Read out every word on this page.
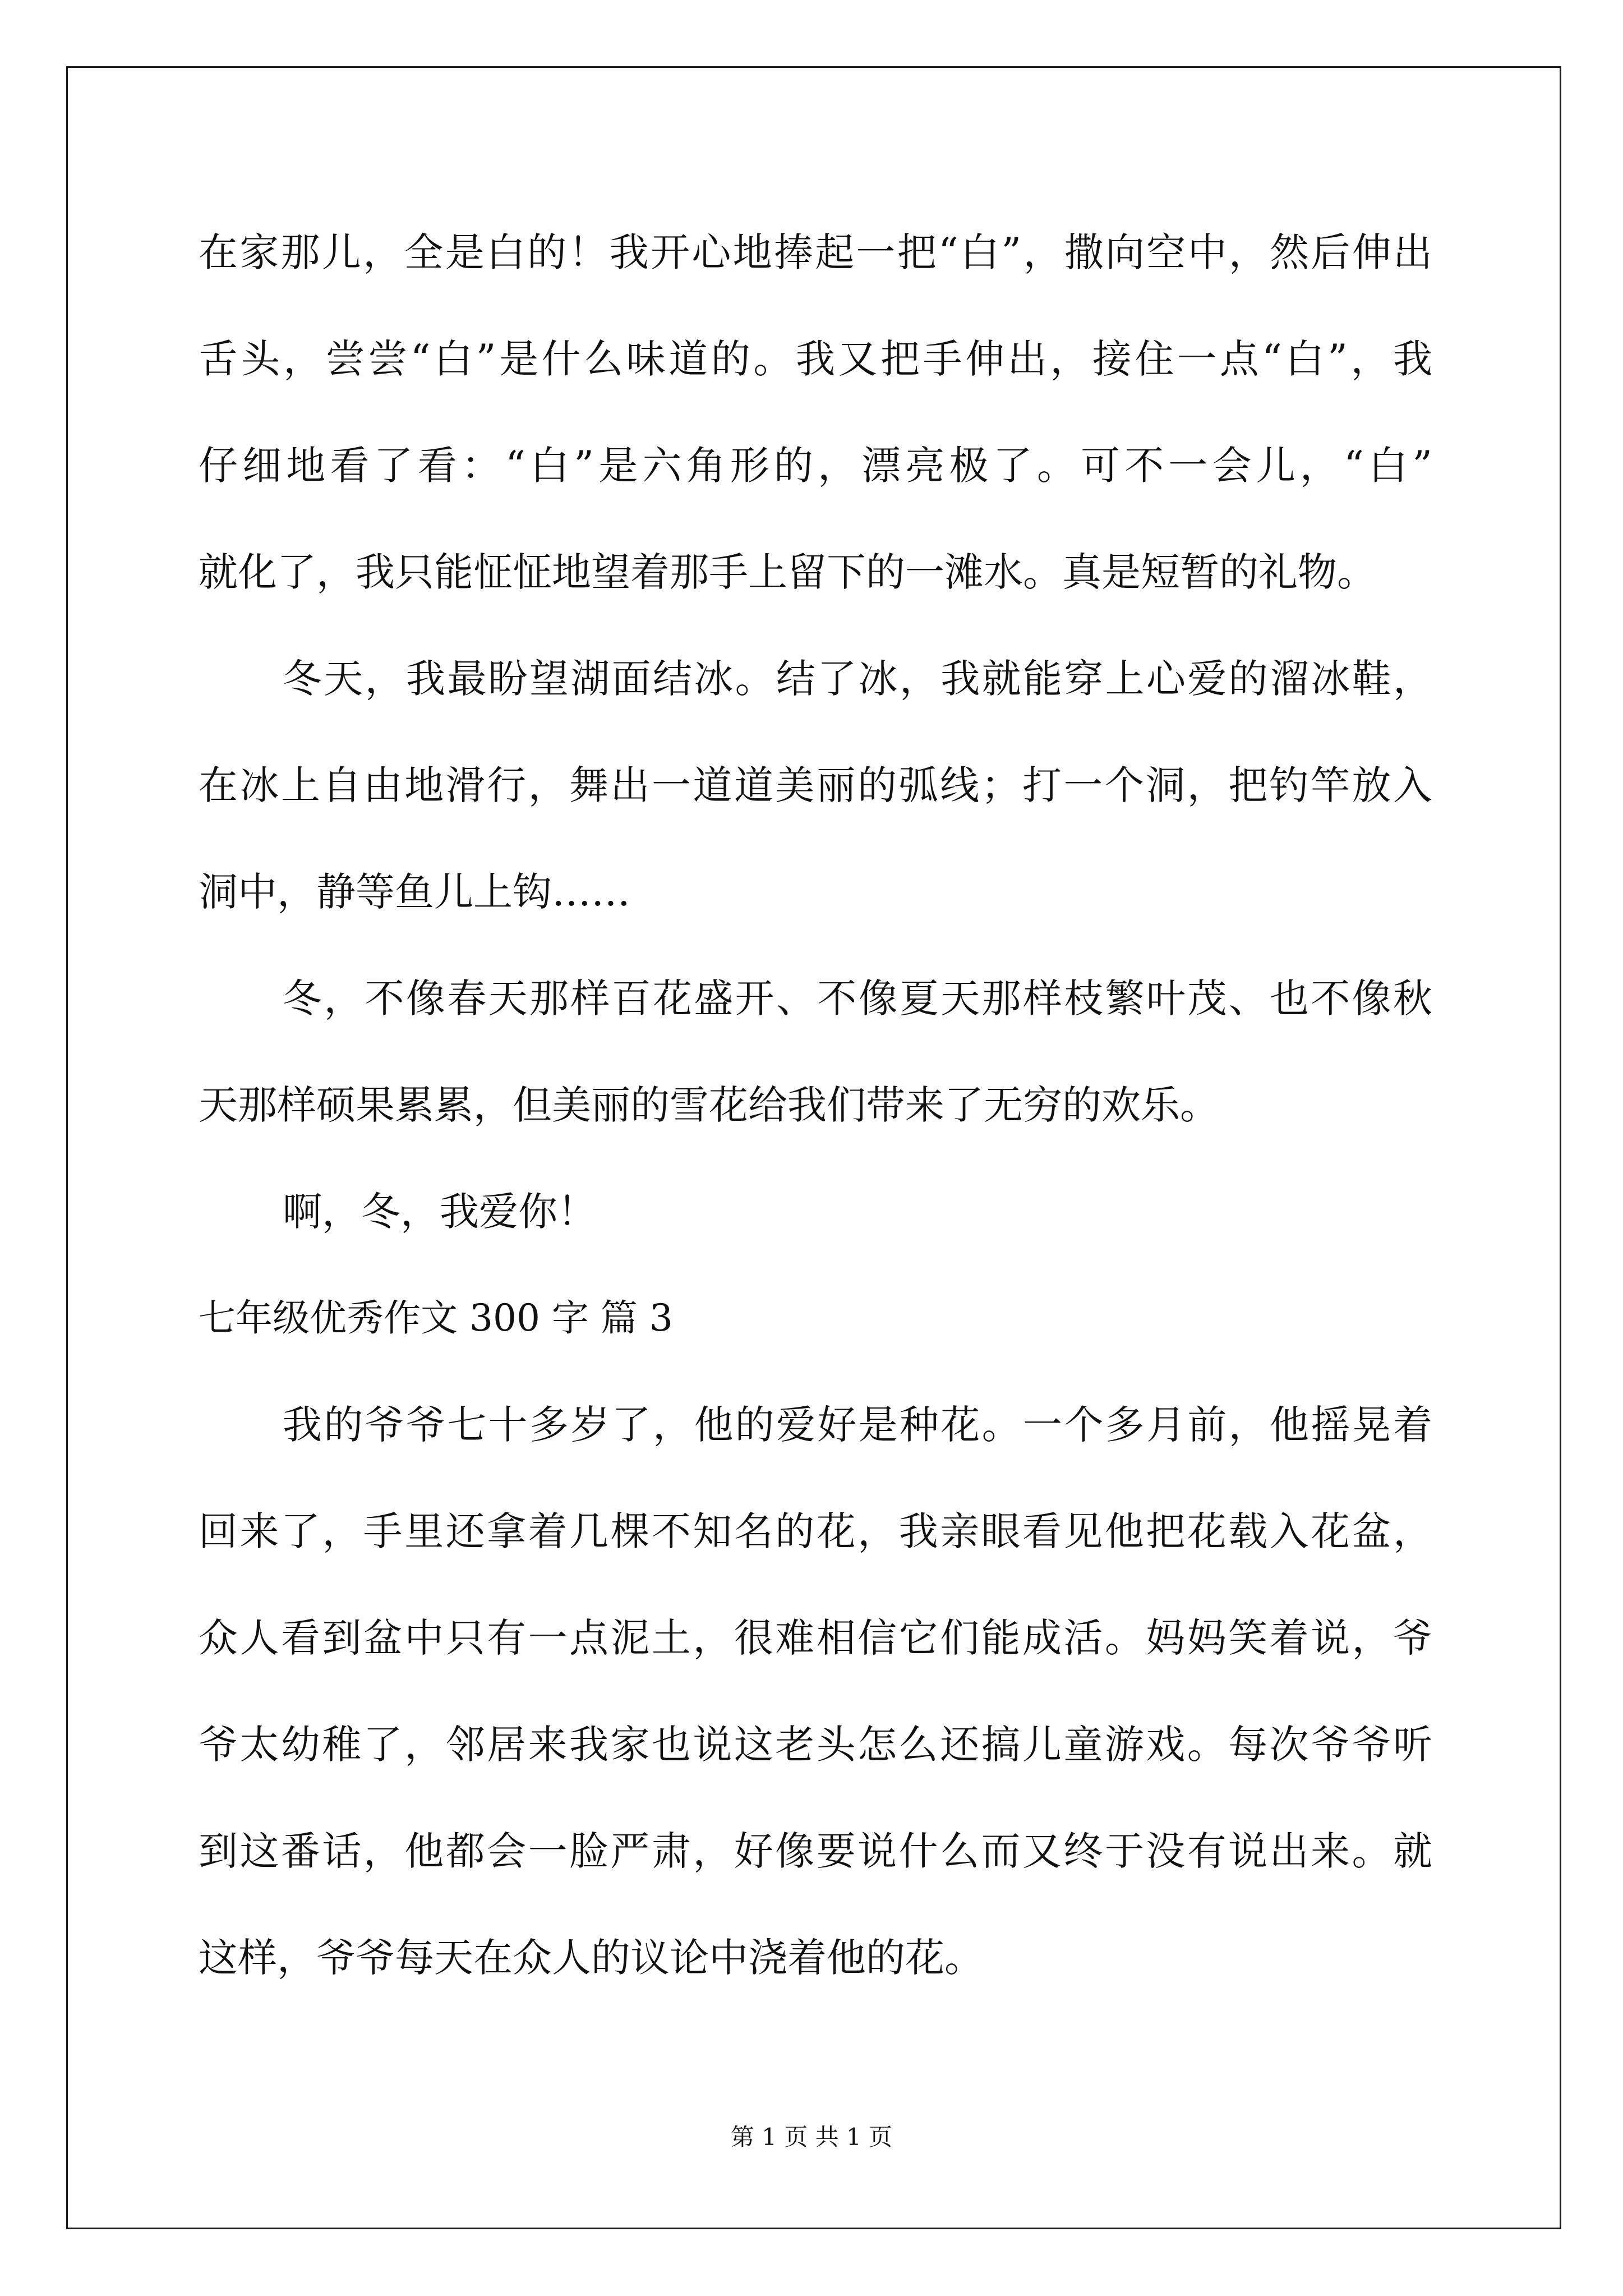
在家那儿，全是白的！我开心地捧起一把“白”，撒向空中，然后伸出
舌头，尝尝“白”是什么味道的。我又把手伸出，接住一点“白”，我
仔细地看了看：“白”是六角形的，漂亮极了。可不一会儿，“白”
就化了，我只能怔怔地望着那手上留下的一滩水。真是短暂的礼物。
冬天，我最盼望湖面结冰。结了冰，我就能穿上心爱的溜冰鞋，
在冰上自由地滑行，舞出一道道美丽的弧线；打一个洞，把钓竿放入
洞中，静等鱼儿上钩……
冬，不像春天那样百花盛开、不像夏天那样枝繁叶茂、也不像秋
天那样硕果累累，但美丽的雪花给我们带来了无穷的欢乐。
啊，冬，我爱你！
七年级优秀作文 300 字 篇 3
我的爷爷七十多岁了，他的爱好是种花。一个多月前，他摇晃着
回来了，手里还拿着几棵不知名的花，我亲眼看见他把花载入花盆，
众人看到盆中只有一点泥土，很难相信它们能成活。妈妈笑着说，爷
爷太幼稚了，邻居来我家也说这老头怎么还搞儿童游戏。每次爷爷听
到这番话，他都会一脸严肃，好像要说什么而又终于没有说出来。就
这样，爷爷每天在众人的议论中浇着他的花。
第 1 页 共 1 页
